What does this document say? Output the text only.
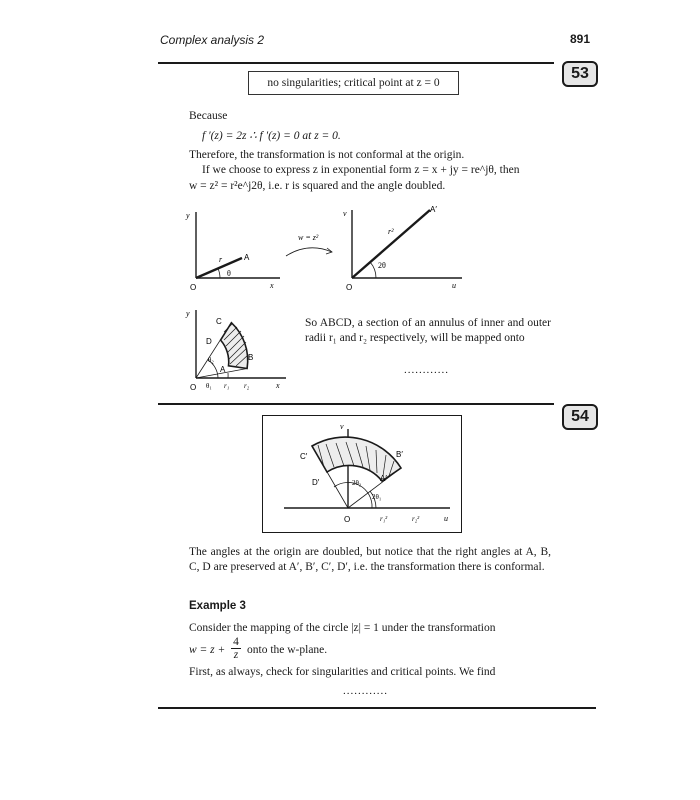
Complex analysis 2	891
53
no singularities; critical point at z = 0
Because
f ′(z) = 2z ∴ f ′(z) = 0 at z = 0.
Therefore, the transformation is not conformal at the origin.
If we choose to express z in exponential form z = x + jy = re^jθ, then
w = z² = r²e^j2θ, i.e. r is squared and the angle doubled.
y
x
O
A
r
θ
w = z²
v
u
O
A′
r²
2θ
y
x
O
C
D
B
A
θ₂
θ₁ r₁ r₂
So ABCD, a section of an annulus of inner and outer radii r₁ and r₂ respectively, will be mapped onto
............
54
v
u
O
C′
D′
B′
A′
2θ₂
2θ₁
r₁²	r₂²
The angles at the origin are doubled, but notice that the right angles at A, B, C, D are preserved at A′, B′, C′, D′, i.e. the transformation there is conformal.
Example 3
Consider the mapping of the circle |z| = 1 under the transformation
w = z +
4
z onto the w-plane.
First, as always, check for singularities and critical points. We find
............
